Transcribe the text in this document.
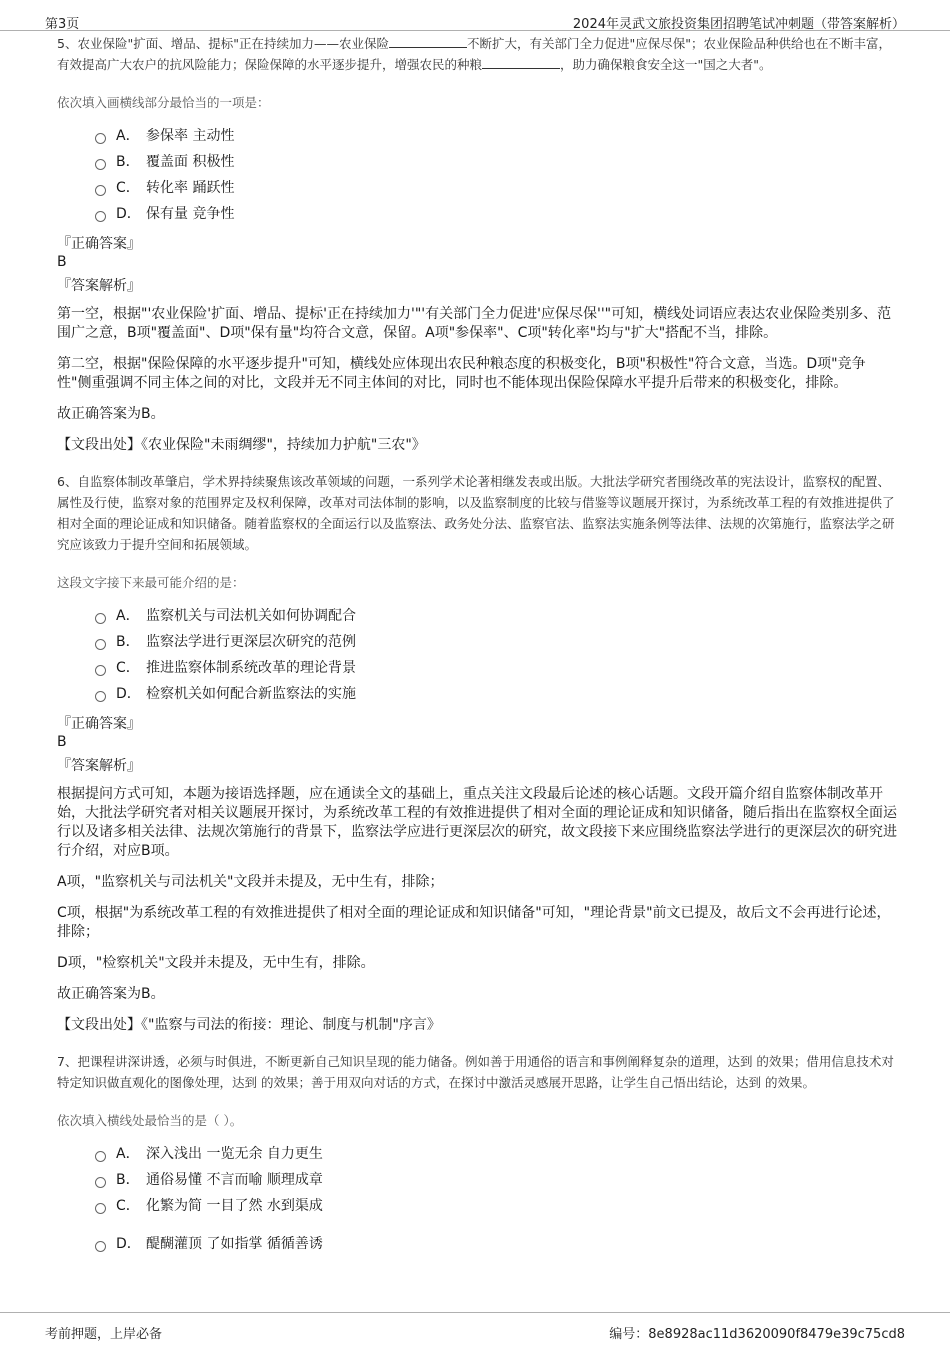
第3页	2024年灵武文旅投资集团招聘笔试冲刺题（带答案解析）

5、农业保险"扩面、增品、提标"正在持续加力——农业保险	不断扩大，有关部门全力促进"应保尽保"；农业保险品种供给也在不断丰富，有效提高广大农户的抗风险能力；保险保障的水平逐步提升，增强农民的种粮	，助力确保粮食安全这一"国之大者"。

依次填入画横线部分最恰当的一项是：
A． 参保率 主动性
B． 覆盖面 积极性
C． 转化率 踊跃性
D． 保有量 竞争性
『正确答案』
B
『答案解析』

第一空，根据"'农业保险'扩面、增品、提标'正在持续加力'"'有关部门全力促进'应保尽保''"可知，横线处词语应表达农业保险类别多、范围广之意，B项"覆盖面"、D项"保有量"均符合文意，保留。A项"参保率"、C项"转化率"均与"扩大"搭配不当，排除。

第二空，根据"保险保障的水平逐步提升"可知，横线处应体现出农民种粮态度的积极变化，B项"积极性"符合文意，当选。D项"竞争性"侧重强调不同主体之间的对比，文段并无不同主体间的对比，同时也不能体现出保险保障水平提升后带来的积极变化，排除。

故正确答案为B。

【文段出处】《农业保险"未雨绸缪"，持续加力护航"三农"》

6、自监察体制改革肇启，学术界持续聚焦该改革领域的问题，一系列学术论著相继发表或出版。大批法学研究者围绕改革的宪法设计，监察权的配置、属性及行使，监察对象的范围界定及权利保障，改革对司法体制的影响，以及监察制度的比较与借鉴等议题展开探讨，为系统改革工程的有效推进提供了相对全面的理论证成和知识储备。随着监察权的全面运行以及监察法、政务处分法、监察官法、监察法实施条例等法律、法规的次第施行，监察法学之研究应该致力于提升空间和拓展领域。

这段文字接下来最可能介绍的是：
A． 监察机关与司法机关如何协调配合
B． 监察法学进行更深层次研究的范例
C． 推进监察体制系统改革的理论背景
D． 检察机关如何配合新监察法的实施
『正确答案』
B
『答案解析』

根据提问方式可知，本题为接语选择题，应在通读全文的基础上，重点关注文段最后论述的核心话题。文段开篇介绍自监察体制改革开始，大批法学研究者对相关议题展开探讨，为系统改革工程的有效推进提供了相对全面的理论证成和知识储备，随后指出在监察权全面运行以及诸多相关法律、法规次第施行的背景下，监察法学应进行更深层次的研究，故文段接下来应围绕监察法学进行的更深层次的研究进行介绍，对应B项。

A项，"监察机关与司法机关"文段并未提及，无中生有，排除；

C项，根据"为系统改革工程的有效推进提供了相对全面的理论证成和知识储备"可知，"理论背景"前文已提及，故后文不会再进行论述，排除；

D项，"检察机关"文段并未提及，无中生有，排除。

故正确答案为B。

【文段出处】《"监察与司法的衔接：理论、制度与机制"序言》

7、把课程讲深讲透，必须与时俱进，不断更新自己知识呈现的能力储备。例如善于用通俗的语言和事例阐释复杂的道理，达到 的效果；借用信息技术对特定知识做直观化的图像处理，达到 的效果；善于用双向对话的方式，在探讨中激活灵感展开思路，让学生自己悟出结论，达到 的效果。

依次填入横线处最恰当的是（ ）。
A． 深入浅出 一览无余 自力更生
B． 通俗易懂 不言而喻 顺理成章
C． 化繁为简 一目了然 水到渠成
D． 醍醐灌顶 了如指掌 循循善诱
考前押题，上岸必备	编号：8e8928ac11d3620090f8479e39c75cd8
